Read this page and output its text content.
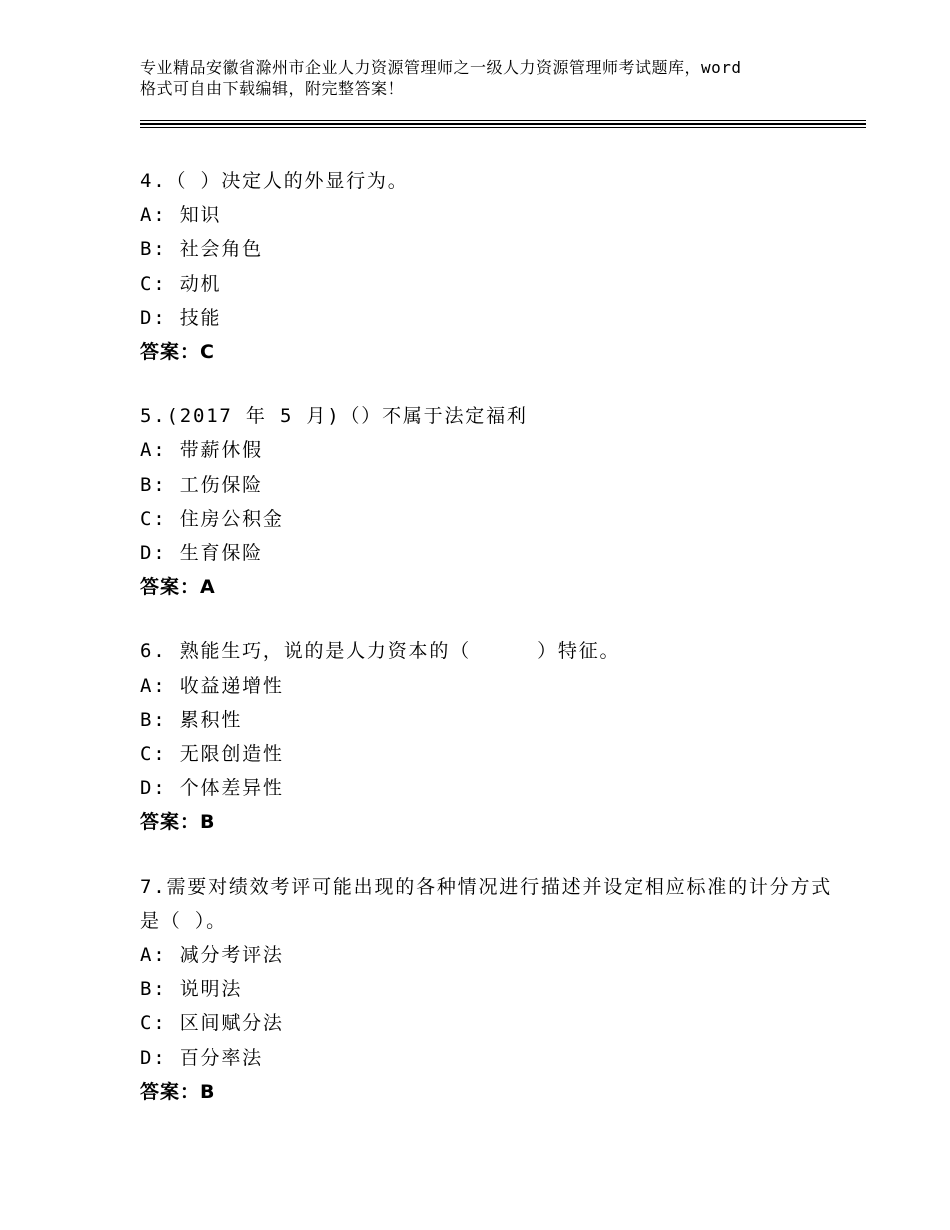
专业精品安徽省滁州市企业人力资源管理师之一级人力资源管理师考试题库，word
格式可自由下载编辑，附完整答案！
4.（ ）决定人的外显行为。
A: 知识
B: 社会角色
C: 动机
D: 技能
答案：C
5.(2017 年 5 月)（）不属于法定福利
A: 带薪休假
B: 工伤保险
C: 住房公积金
D: 生育保险
答案：A
6. 熟能生巧，说的是人力资本的（     ）特征。
A: 收益递增性
B: 累积性
C: 无限创造性
D: 个体差异性
答案：B
7.需要对绩效考评可能出现的各种情况进行描述并设定相应标准的计分方式 是（ ）。
A: 减分考评法
B: 说明法
C: 区间赋分法
D: 百分率法
答案：B
